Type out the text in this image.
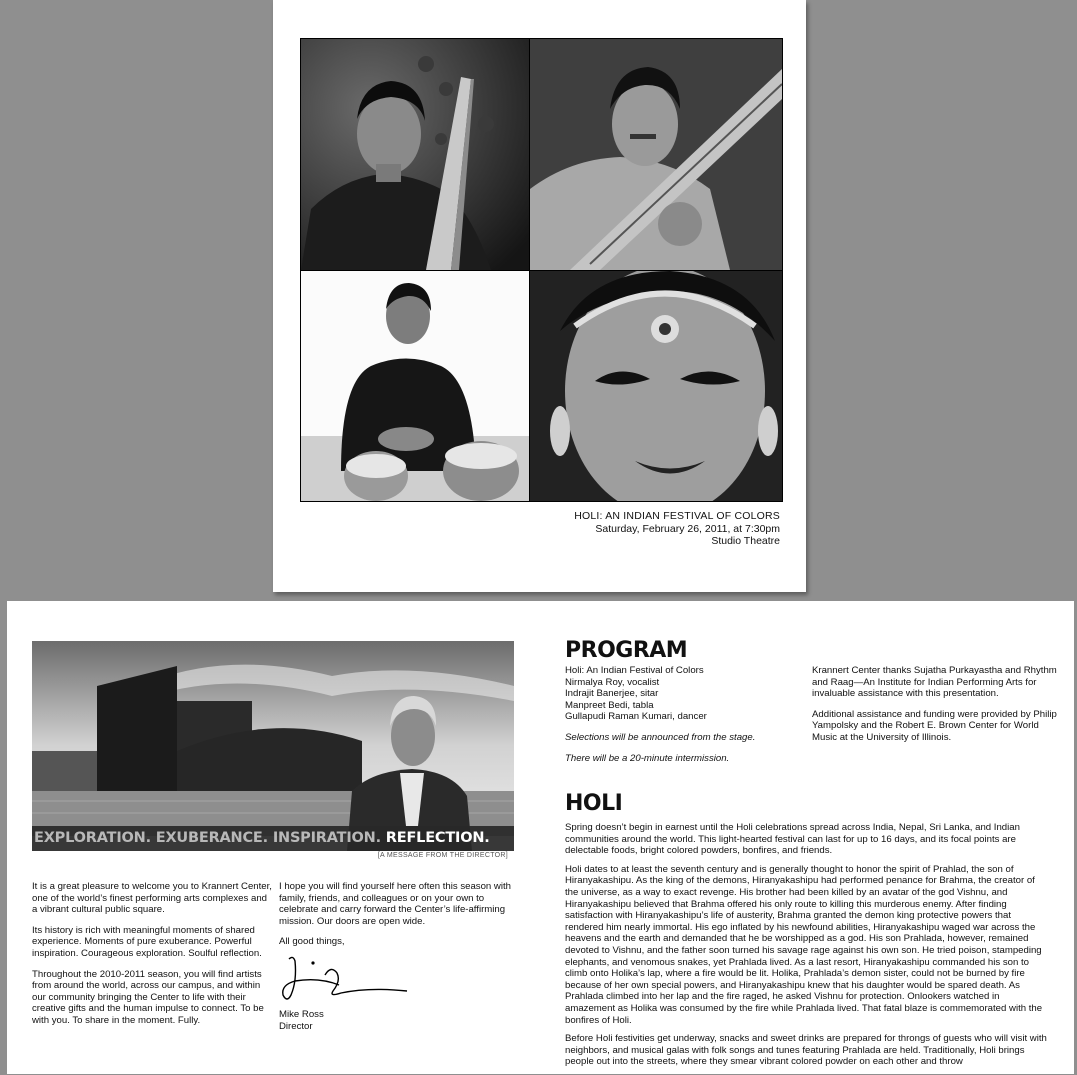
HOLI: AN INDIAN FESTIVAL OF COLORS
Saturday, February 26, 2011, at 7:30pm
Studio Theatre
EXPLORATION. EXUBERANCE. INSPIRATION. REFLECTION.
[A MESSAGE FROM THE DIRECTOR]

It is a great pleasure to welcome you to Krannert Center, one of the world’s finest performing arts complexes and a vibrant cultural public square.

Its history is rich with meaningful moments of shared experience. Moments of pure exuberance. Powerful inspiration. Courageous exploration. Soulful reflection.

Throughout the 2010-2011 season, you will find artists from around the world, across our campus, and within our community bringing the Center to life with their creative gifts and the human impulse to connect. To be with you. To share in the moment. Fully.

I hope you will find yourself here often this season with family, friends, and colleagues or on your own to celebrate and carry forward the Center’s life-affirming mission. Our doors are open wide.

All good things,

Mike Ross
Director
PROGRAM
Holi: An Indian Festival of Colors
Nirmalya Roy, vocalist
Indrajit Banerjee, sitar
Manpreet Bedi, tabla
Gullapudi Raman Kumari, dancer
Selections will be announced from the stage.
There will be a 20-minute intermission.

Krannert Center thanks Sujatha Purkayastha and Rhythm and Raag—An Institute for Indian Performing Arts for invaluable assistance with this presentation.

Additional assistance and funding were provided by Philip Yampolsky and the Robert E. Brown Center for World Music at the University of Illinois.

HOLI

Spring doesn’t begin in earnest until the Holi celebrations spread across India, Nepal, Sri Lanka, and Indian communities around the world. This light-hearted festival can last for up to 16 days, and its focal points are delectable foods, bright colored powders, bonfires, and friends.

Holi dates to at least the seventh century and is generally thought to honor the spirit of Prahlad, the son of Hiranyakashipu. As the king of the demons, Hiranyakashipu had performed penance for Brahma, the creator of the universe, as a way to exact revenge. His brother had been killed by an avatar of the god Vishnu, and Hiranyakashipu believed that Brahma offered his only route to killing this murderous enemy. After finding satisfaction with Hiranyakashipu’s life of austerity, Brahma granted the demon king protective powers that rendered him nearly immortal. His ego inflated by his newfound abilities, Hiranyakashipu waged war across the heavens and the earth and demanded that he be worshipped as a god. His son Prahlada, however, remained devoted to Vishnu, and the father soon turned his savage rage against his own son. He tried poison, stampeding elephants, and venomous snakes, yet Prahlada lived. As a last resort, Hiranyakashipu commanded his son to climb onto Holika’s lap, where a fire would be lit. Holika, Prahlada’s demon sister, could not be burned by fire because of her own special powers, and Hiranyakashipu knew that his daughter would be spared death. As Prahlada climbed into her lap and the fire raged, he asked Vishnu for protection. Onlookers watched in amazement as Holika was consumed by the fire while Prahlada lived. That fatal blaze is commemorated with the bonfires of Holi.

Before Holi festivities get underway, snacks and sweet drinks are prepared for throngs of guests who will visit with neighbors, and musical galas with folk songs and tunes featuring Prahlada are held. Traditionally, Holi brings people out into the streets, where they smear vibrant colored powder on each other and throw
